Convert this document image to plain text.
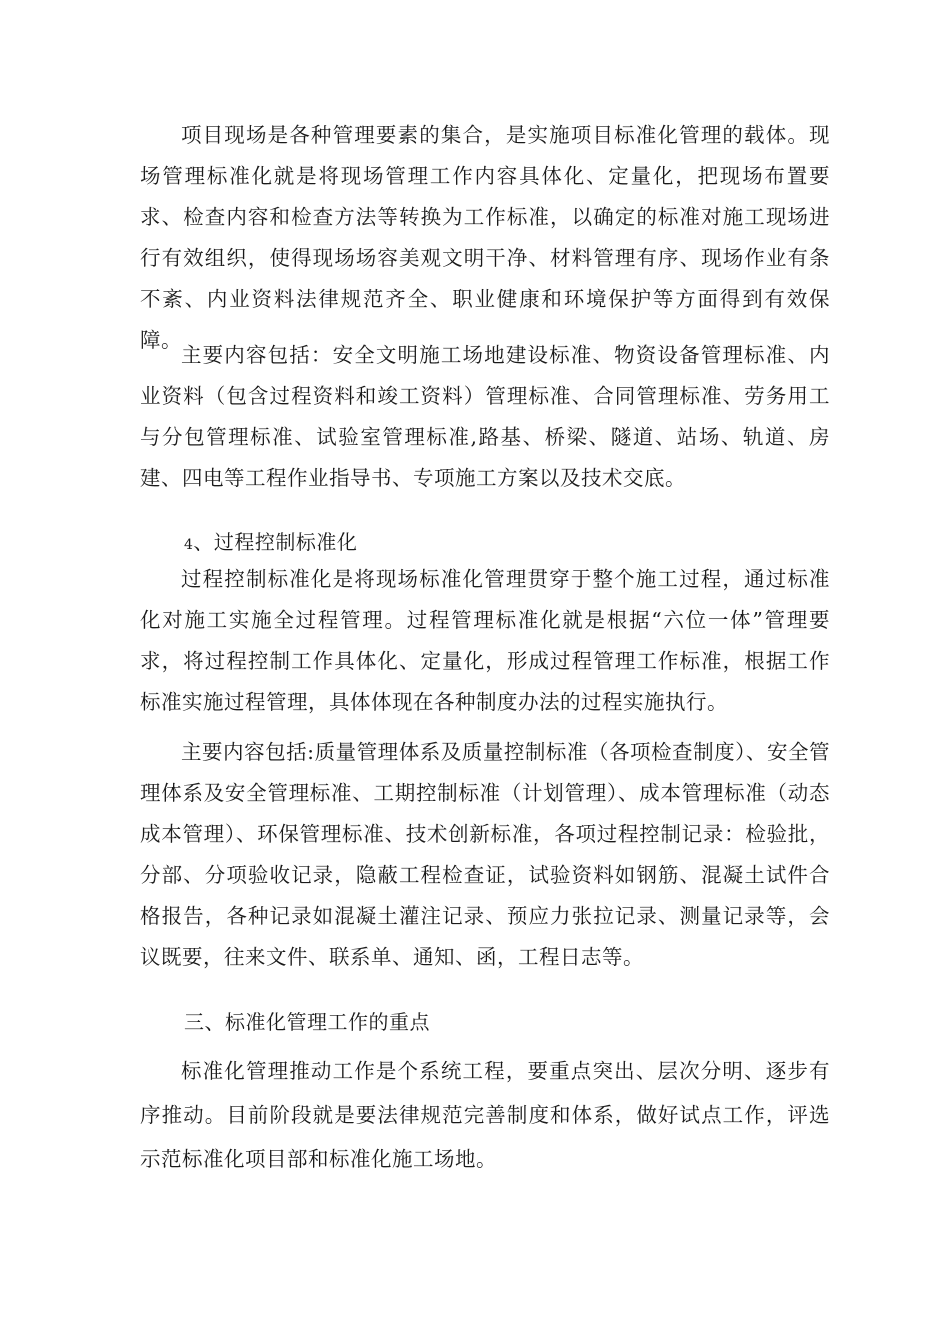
项目现场是各种管理要素的集合，是实施项目标准化管理的载体。现场管理标准化就是将现场管理工作内容具体化、定量化，把现场布置要求、检查内容和检查方法等转换为工作标准，以确定的标准对施工现场进行有效组织，使得现场场容美观文明干净、材料管理有序、现场作业有条不紊、内业资料法律规范齐全、职业健康和环境保护等方面得到有效保障。

主要内容包括：安全文明施工场地建设标准、物资设备管理标准、内业资料（包含过程资料和竣工资料）管理标准、合同管理标准、劳务用工与分包管理标准、试验室管理标准,路基、桥梁、隧道、站场、轨道、房建、四电等工程作业指导书、专项施工方案以及技术交底。

4、过程控制标准化

过程控制标准化是将现场标准化管理贯穿于整个施工过程，通过标准化对施工实施全过程管理。过程管理标准化就是根据“六位一体”管理要求，将过程控制工作具体化、定量化，形成过程管理工作标准，根据工作标准实施过程管理，具体体现在各种制度办法的过程实施执行。

主要内容包括:质量管理体系及质量控制标准（各项检查制度）、安全管理体系及安全管理标准、工期控制标准（计划管理）、成本管理标准（动态成本管理）、环保管理标准、技术创新标准，各项过程控制记录：检验批，分部、分项验收记录，隐蔽工程检查证，试验资料如钢筋、混凝土试件合格报告，各种记录如混凝土灌注记录、预应力张拉记录、测量记录等，会议既要，往来文件、联系单、通知、函，工程日志等。

三、标准化管理工作的重点

标准化管理推动工作是个系统工程，要重点突出、层次分明、逐步有序推动。目前阶段就是要法律规范完善制度和体系，做好试点工作，评选示范标准化项目部和标准化施工场地。
